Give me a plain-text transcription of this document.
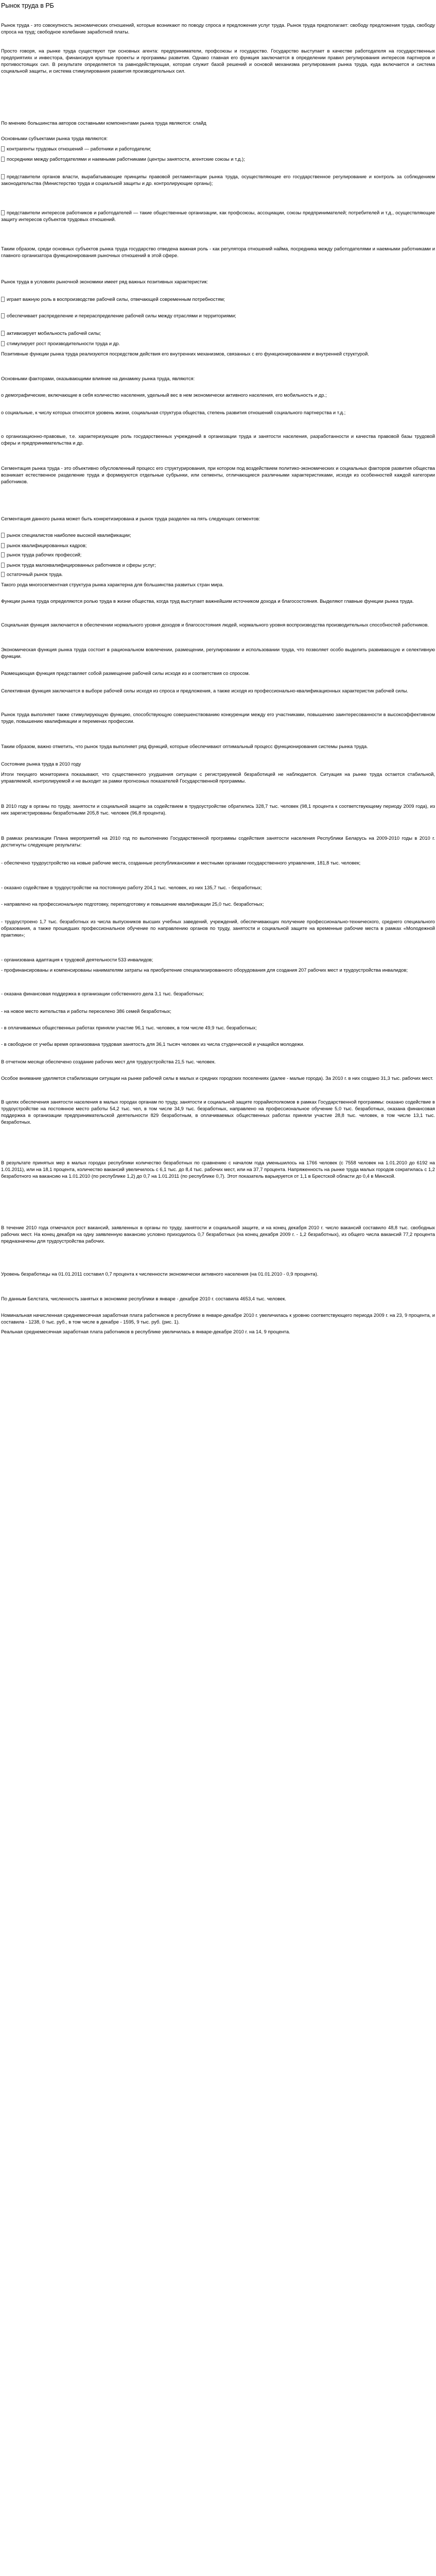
Рынок труда в РБ

Рынок труда - это совокупность экономических отношений, которые возникают по поводу спроса и предложения услуг труда. Рынок труда предполагает: свободу предложения труда, свободу спроса на труд; свободное колебание заработной платы.

Просто говоря, на рынке труда существуют три основных агента: предприниматели, профсоюзы и государство. Государство выступает в качестве работодателя на государственных предприятиях и инвестора, финансируя крупные проекты и программы развития. Однако главная его функция заключается в определении правил регулирования интересов партнеров и противостоящих сил. В результате определяется та равнодействующая, которая служит базой решений и основой механизма регулирования рынка труда, куда включается и система социальной защиты, и система стимулирования развития производительных сил.

По мнению большинства авторов составными компонентами рынка труда являются: слайд

Основными субъектами рынка труда являются:

контрагенты трудовых отношений — работники и работодатели;

посредники между работодателями и наемными работниками (центры занятости, агентские союзы и т.д.);

представители органов власти, вырабатывающие принципы правовой регламентации рынка труда, осуществляющие его государственное регулирование и контроль за соблюдением законодательства (Министерство труда и социальной защиты и др. контролирующие органы);

представители интересов работников и работодателей — такие общественные организации, как профсоюзы, ассоциации, союзы предпринимателей; потребителей и т.д., осуществляющие защиту интересов субъектов трудовых отношений.

Таким образом, среди основных субъектов рынка труда государство отведена важная роль - как регулятора отношений найма, посредника между работодателями и наемными работниками и главного организатора функционирования рыночных отношений в этой сфере.

Рынок труда в условиях рыночной экономики имеет ряд важных позитивных характеристик:

играет важную роль в воспроизводстве рабочей силы, отвечающей современным потребностям;

обеспечивает распределение и перераспределение рабочей силы между отраслями и территориями;

активизирует мобильность рабочей силы;

стимулирует рост производительности труда и др.

Позитивные функции рынка труда реализуются посредством действия его внутренних механизмов, связанных с его функционированием и внутренней структурой.

Основными факторами, оказывающими влияние на динамику рынка труда, являются:

о демографические, включающие в себя количество населения, удельный вес в нем экономически активного населения, его мобильность и др.;

о социальные, к числу которых относятся уровень жизни, социальная структура общества, степень развития отношений социального партнерства и т.д.;

о организационно-правовые, т.е. характеризующие роль государственных учреждений в организации труда и занятости населения, разработанности и качества правовой базы трудовой сферы и предпринимательства и др.

Сегментация рынка труда - это объективно обусловленный процесс его структурирования, при котором под воздействием политико-экономических и социальных факторов развития общества возникает естественное разделение труда и формируются отдельные субрынки, или сегменты, отличающиеся различными характеристиками, исходя из особенностей каждой категории работников.

Сегментация данного рынка может быть конкретизирована и рынок труда разделен на пять следующих сегментов:

рынок специалистов наиболее высокой квалификации;

рынок квалифицированных кадров;

рынок труда рабочих профессий;

рынок труда малоквалифицированных работников и сферы услуг;

остаточный рынок труда.

Такого рода многосегментная структура рынка характерна для большинства развитых стран мира.

Функции рынка труда определяются ролью труда в жизни общества, когда труд выступает важнейшим источником дохода и благосостояния. Выделяют главные функции рынка труда.

Социальная функция заключается в обеспечении нормального уровня доходов и благосостояния людей, нормального уровня воспроизводства производительных способностей работников.

Экономическая функция рынка труда состоит в рациональном вовлечении, размещении, регулировании и использовании труда, что позволяет особо выделить развивающую и селективную функции.

Размещающая функция представляет собой размещение рабочей силы исходя из и соответствия со спросом.

Селективная функция заключается в выборе рабочей силы исходя из спроса и предложения, а также исходя из профессионально-квалификационных характеристик рабочей силы.

Рынок труда выполняет также стимулирующую функцию, способствующую совершенствованию конкуренции между его участниками, повышению заинтересованности в высокоэффективном труде, повышению квалификации и переменах профессии.

Таким образом, важно отметить, что рынок труда выполняет ряд функций, которые обеспечивают оптимальный процесс функционирования системы рынка труда.

Состояние рынка труда в 2010 году

Итоги текущего мониторинга показывают, что существенного ухудшения ситуации с регистрируемой безработицей не наблюдается. Ситуация на рынке труда остается стабильной, управляемой, контролируемой и не выходит за рамки прогнозных показателей Государственной программы.

В 2010 году в органы по труду, занятости и социальной защите за содействием в трудоустройстве обратились 328,7 тыс. человек (98,1 процента к соответствующему периоду 2009 года), из них зарегистрированы безработными 205,8 тыс. человек (96,8 процента).

В рамках реализации Плана мероприятий на 2010 год по выполнению Государственной программы содействия занятости населения Республики Беларусь на 2009-2010 годы в 2010 г. достигнуты следующие результаты:

- обеспечено трудоустройство на новые рабочие места, созданные республиканскими и местными органами государственного управления, 181,8 тыс. человек;

- оказано содействие в трудоустройстве на постоянную работу 204,1 тыс. человек, из них 135,7 тыс. - безработных;

- направлено на профессиональную подготовку, переподготовку и повышение квалификации 25,0 тыс. безработных;

- трудоустроено 1,7 тыс. безработных из числа выпускников высших учебных заведений, учреждений, обеспечивающих получение профессионально-технического, среднего специального образования, а также прошедших профессиональное обучение по направлению органов по труду, занятости и социальной защите на временные рабочие места в рамках «Молодежной практики»;

- организована адаптация к трудовой деятельности 533 инвалидов;

- профинансированы и компенсированы нанимателям затраты на приобретение специализированного оборудования для создания 207 рабочих мест и трудоустройства инвалидов;

- оказана финансовая поддержка в организации собственного дела 3,1 тыс. безработных;

- на новое место жительства и работы переселено 386 семей безработных;

- в оплачиваемых общественных работах приняли участие 96,1 тыс. человек, в том числе 49,9 тыс. безработных;

- в свободное от учебы время организована трудовая занятость для 36,1 тысяч человек из числа студенческой и учащейся молодежи.

В отчетном месяце обеспечено создание рабочих мест для трудоустройства 21,5 тыс. человек.

Особое внимание уделяется стабилизации ситуации на рынке рабочей силы в малых и средних городских поселениях (далее - малые города). За 2010 г. в них создано 31,3 тыс. рабочих мест.

В целях обеспечения занятости населения в малых городах органам по труду, занятости и социальной защите горрайисполкомов в рамках Государственной программы: оказано содействие в трудоустройстве на постоянное место работы 54,2 тыс. чел, в том числе 34,9 тыс. безработных, направлено на профессиональное обучение 5,0 тыс. безработных, оказана финансовая поддержка в организации предпринимательской деятельности 829 безработным, в оплачиваемых общественных работах приняли участие 28,8 тыс. человек, в том числе 13,1 тыс. безработных.

В результате принятых мер в малых городах республики количество безработных по сравнению с началом года уменьшилось на 1766 человек (с 7558 человек на 1.01.2010 до 6192 на 1.01.2011), или на 18,1 процента, количество вакансий увеличилось с 6,1 тыс. до 8,4 тыс. рабочих мест, или на 37,7 процента. Напряженность на рынке труда малых городов сократилась с 1,2 безработного на вакансию на 1.01.2010 (по республике 1,2) до 0,7 на 1.01.2011 (по республике 0,7). Этот показатель варьируется от 1,1 в Брестской области до 0,4 в Минской.

В течение 2010 года отмечался рост вакансий, заявленных в органы по труду, занятости и социальной защите, и на конец декабря 2010 г. число вакансий составило 48,8 тыс. свободных рабочих мест. На конец декабря на одну заявленную вакансию условно приходилось 0,7 безработных (на конец декабря 2009 г. - 1,2 безработных), из общего числа вакансий 77,2 процента предназначены для трудоустройства рабочих.

Уровень безработицы на 01.01.2011 составил 0,7 процента к численности экономически активного населения (на 01.01.2010 - 0,9 процента).

По данным Белстата, численность занятых в экономике республики в январе - декабре 2010 г. составила 4653,4 тыс. человек.

Номинальная начисленная среднемесячная заработная плата работников в республике в январе-декабре 2010 г. увеличилась к уровню соответствующего периода 2009 г. на 23, 9 процента, и составила - 1238, 0 тыс. руб., в том числе в декабре - 1595, 9 тыс. руб. (рис. 1).

Реальная среднемесячная заработная плата работников в республике увеличилась в январе-декабре 2010 г. на 14, 9 процента.
